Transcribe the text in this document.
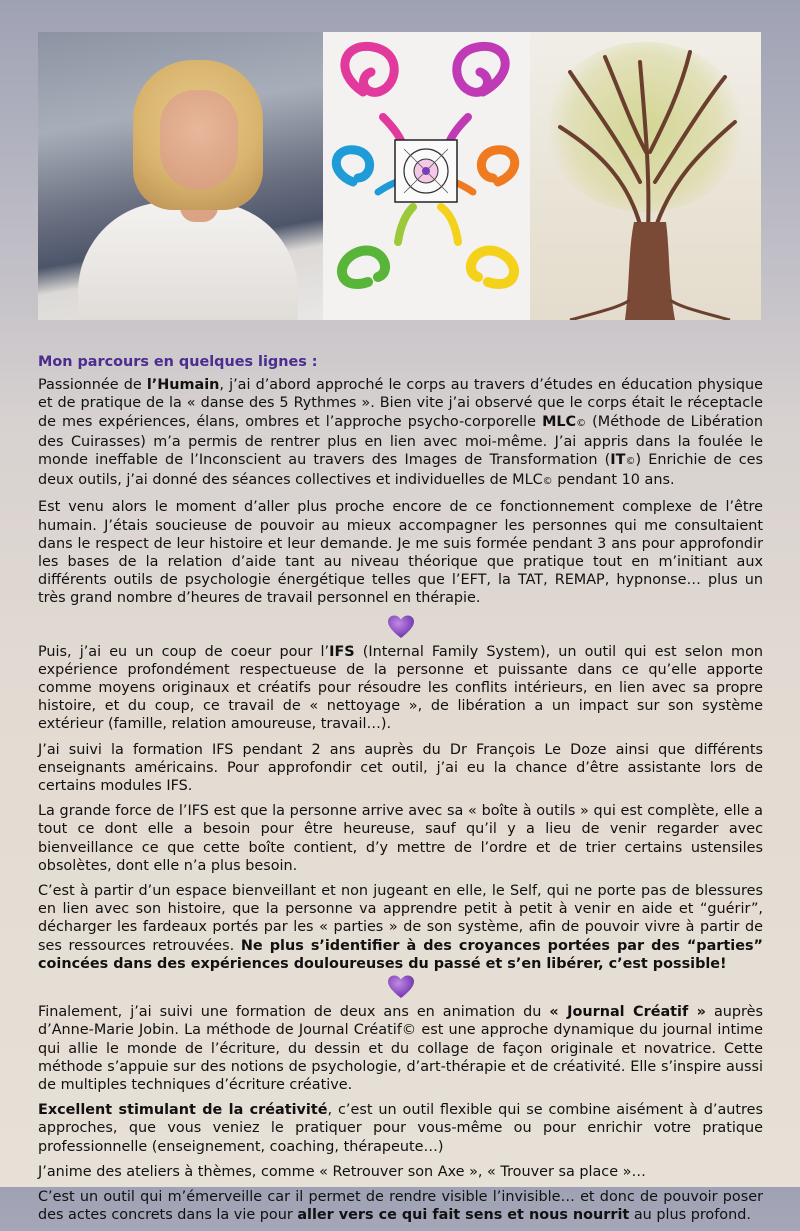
Mon parcours en quelques lignes :

Passionnée de l’Humain, j’ai d’abord approché le corps au travers d’études en éducation physique et de pratique de la « danse des 5 Rythmes ». Bien vite j’ai observé que le corps était le réceptacle de mes expériences, élans, ombres et l’approche psycho-corporelle MLC© (Méthode de Libération des Cuirasses) m’a permis de rentrer plus en lien avec moi-même. J’ai appris dans la foulée le monde ineffable de l’Inconscient au travers des Images de Transformation (IT©) Enrichie de ces deux outils, j’ai donné des séances collectives et individuelles de MLC© pendant 10 ans.

Est venu alors le moment d’aller plus proche encore de ce fonctionnement complexe de l’être humain. J’étais soucieuse de pouvoir au mieux accompagner les personnes qui me consultaient dans le respect de leur histoire et leur demande. Je me suis formée pendant 3 ans pour approfondir les bases de la relation d’aide tant au niveau théorique que pratique tout en m’initiant aux différents outils de psychologie énergétique telles que l’EFT, la TAT, REMAP, hypnonse… plus un très grand nombre d’heures de travail personnel en thérapie.

Puis, j’ai eu un coup de coeur pour l’IFS (Internal Family System), un outil qui est selon mon expérience profondément respectueuse de la personne et puissante dans ce qu’elle apporte comme moyens originaux et créatifs pour résoudre les conflits intérieurs, en lien avec sa propre histoire, et du coup, ce travail de « nettoyage », de libération a un impact sur son système extérieur (famille, relation amoureuse, travail…).

J’ai suivi la formation IFS pendant 2 ans auprès du Dr François Le Doze ainsi que différents enseignants américains. Pour approfondir cet outil, j’ai eu la chance d’être assistante lors de certains modules IFS.

La grande force de l’IFS est que la personne arrive avec sa « boîte à outils » qui est complète, elle a tout ce dont elle a besoin pour être heureuse, sauf qu’il y a lieu de venir regarder avec bienveillance ce que cette boîte contient, d’y mettre de l’ordre et de trier certains ustensiles obsolètes, dont elle n’a plus besoin.

C’est à partir d’un espace bienveillant et non jugeant en elle, le Self, qui ne porte pas de blessures en lien avec son histoire, que la personne va apprendre petit à petit à venir en aide et “guérir”, décharger les fardeaux portés par les « parties » de son système, afin de pouvoir vivre à partir de ses ressources retrouvées. Ne plus s’identifier à des croyances portées par des “parties” coincées dans des expériences douloureuses du passé et s’en libérer, c’est possible!

Finalement, j’ai suivi une formation de deux ans en animation du « Journal Créatif » auprès d’Anne-Marie Jobin. La méthode de Journal Créatif© est une approche dynamique du journal intime qui allie le monde de l’écriture, du dessin et du collage de façon originale et novatrice. Cette méthode s’appuie sur des notions de psychologie, d’art-thérapie et de créativité. Elle s’inspire aussi de multiples techniques d’écriture créative.

Excellent stimulant de la créativité, c’est un outil flexible qui se combine aisément à d’autres approches, que vous veniez le pratiquer pour vous-même ou pour enrichir votre pratique professionnelle (enseignement, coaching, thérapeute…)

J’anime des ateliers à thèmes, comme « Retrouver son Axe », « Trouver sa place »…

C’est un outil qui m’émerveille car il permet de rendre visible l’invisible… et donc de pouvoir poser des actes concrets dans la vie pour aller vers ce qui fait sens et nous nourrit au plus profond.
